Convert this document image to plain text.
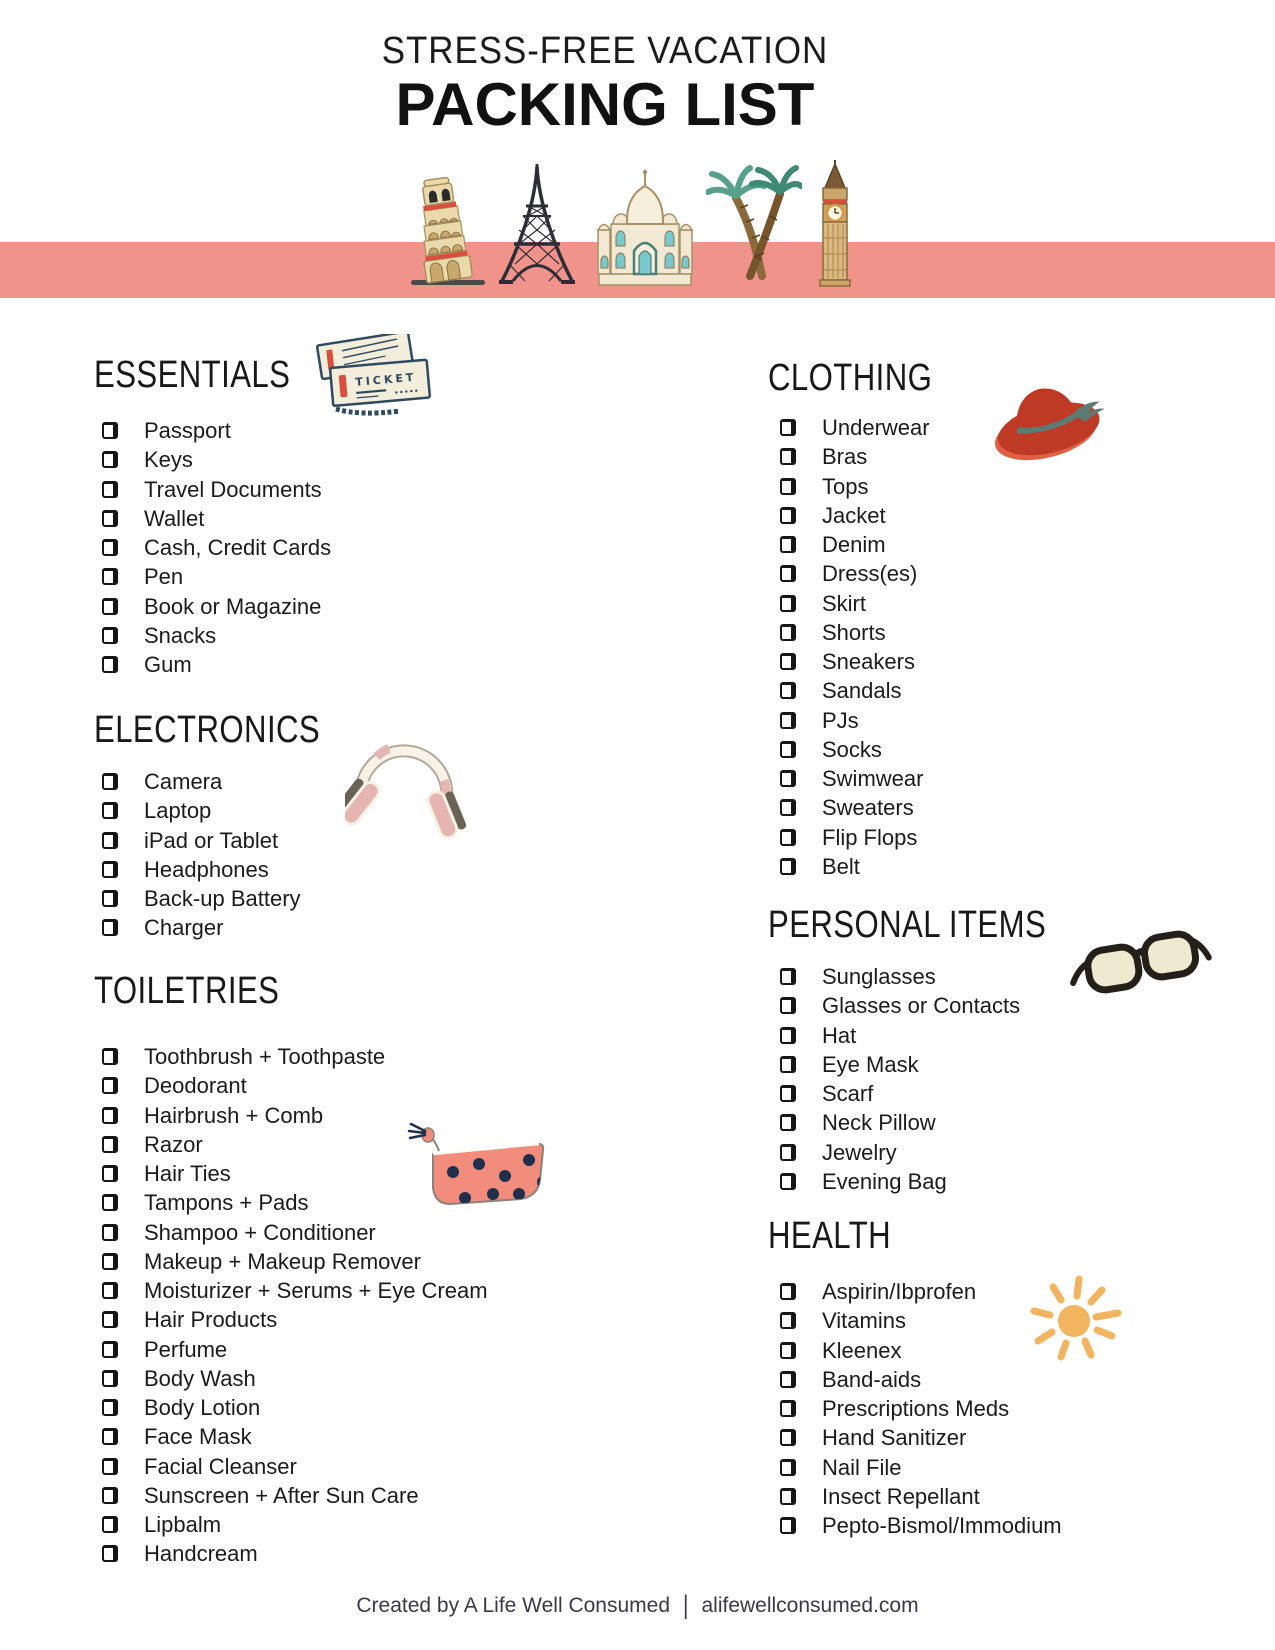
STRESS-FREE VACATION
PACKING LIST
TICKET
ESSENTIALS
Passport
Keys
Travel Documents
Wallet
Cash, Credit Cards
Pen
Book or Magazine
Snacks
Gum
ELECTRONICS
Camera
Laptop
iPad or Tablet
Headphones
Back-up Battery
Charger
TOILETRIES
Toothbrush + Toothpaste
Deodorant
Hairbrush + Comb
Razor
Hair Ties
Tampons + Pads
Shampoo + Conditioner
Makeup + Makeup Remover
Moisturizer + Serums + Eye Cream
Hair Products
Perfume
Body Wash
Body Lotion
Face Mask
Facial Cleanser
Sunscreen + After Sun Care
Lipbalm
Handcream
CLOTHING
Underwear
Bras
Tops
Jacket
Denim
Dress(es)
Skirt
Shorts
Sneakers
Sandals
PJs
Socks
Swimwear
Sweaters
Flip Flops
Belt
PERSONAL ITEMS
Sunglasses
Glasses or Contacts
Hat
Eye Mask
Scarf
Neck Pillow
Jewelry
Evening Bag
HEALTH
Aspirin/Ibprofen
Vitamins
Kleenex
Band-aids
Prescriptions Meds
Hand Sanitizer
Nail File
Insect Repellant
Pepto-Bismol/Immodium
Created by A Life Well Consumed | alifewellconsumed.com
